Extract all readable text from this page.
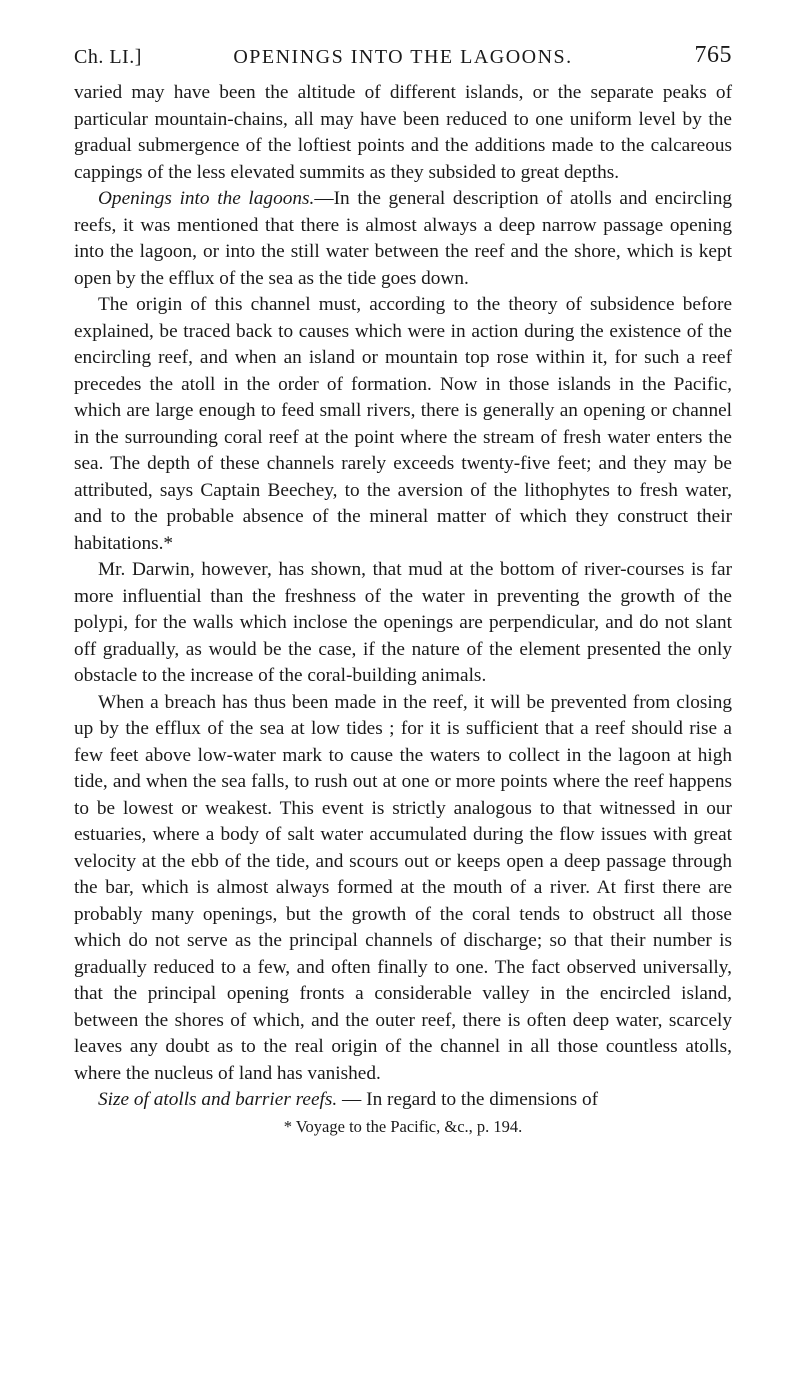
Ch. LI.]	OPENINGS INTO THE LAGOONS.	765

varied may have been the altitude of different islands, or the separate peaks of particular mountain-chains, all may have been reduced to one uniform level by the gradual submergence of the loftiest points and the additions made to the calcareous cappings of the less elevated summits as they subsided to great depths.

Openings into the lagoons.—In the general description of atolls and encircling reefs, it was mentioned that there is almost always a deep narrow passage opening into the lagoon, or into the still water between the reef and the shore, which is kept open by the efflux of the sea as the tide goes down.

The origin of this channel must, according to the theory of subsidence before explained, be traced back to causes which were in action during the existence of the encircling reef, and when an island or mountain top rose within it, for such a reef precedes the atoll in the order of formation. Now in those islands in the Pacific, which are large enough to feed small rivers, there is generally an opening or channel in the surrounding coral reef at the point where the stream of fresh water enters the sea. The depth of these channels rarely exceeds twenty-five feet; and they may be attributed, says Captain Beechey, to the aversion of the lithophytes to fresh water, and to the probable absence of the mineral matter of which they construct their habitations.*

Mr. Darwin, however, has shown, that mud at the bottom of river-courses is far more influential than the freshness of the water in preventing the growth of the polypi, for the walls which inclose the openings are perpendicular, and do not slant off gradually, as would be the case, if the nature of the element presented the only obstacle to the increase of the coral-building animals.

When a breach has thus been made in the reef, it will be prevented from closing up by the efflux of the sea at low tides ; for it is sufficient that a reef should rise a few feet above low-water mark to cause the waters to collect in the lagoon at high tide, and when the sea falls, to rush out at one or more points where the reef happens to be lowest or weakest. This event is strictly analogous to that witnessed in our estuaries, where a body of salt water accumulated during the flow issues with great velocity at the ebb of the tide, and scours out or keeps open a deep passage through the bar, which is almost always formed at the mouth of a river. At first there are probably many openings, but the growth of the coral tends to obstruct all those which do not serve as the principal channels of discharge; so that their number is gradually reduced to a few, and often finally to one. The fact observed universally, that the principal opening fronts a considerable valley in the encircled island, between the shores of which, and the outer reef, there is often deep water, scarcely leaves any doubt as to the real origin of the channel in all those countless atolls, where the nucleus of land has vanished.

Size of atolls and barrier reefs. — In regard to the dimensions of

* Voyage to the Pacific, &c., p. 194.
